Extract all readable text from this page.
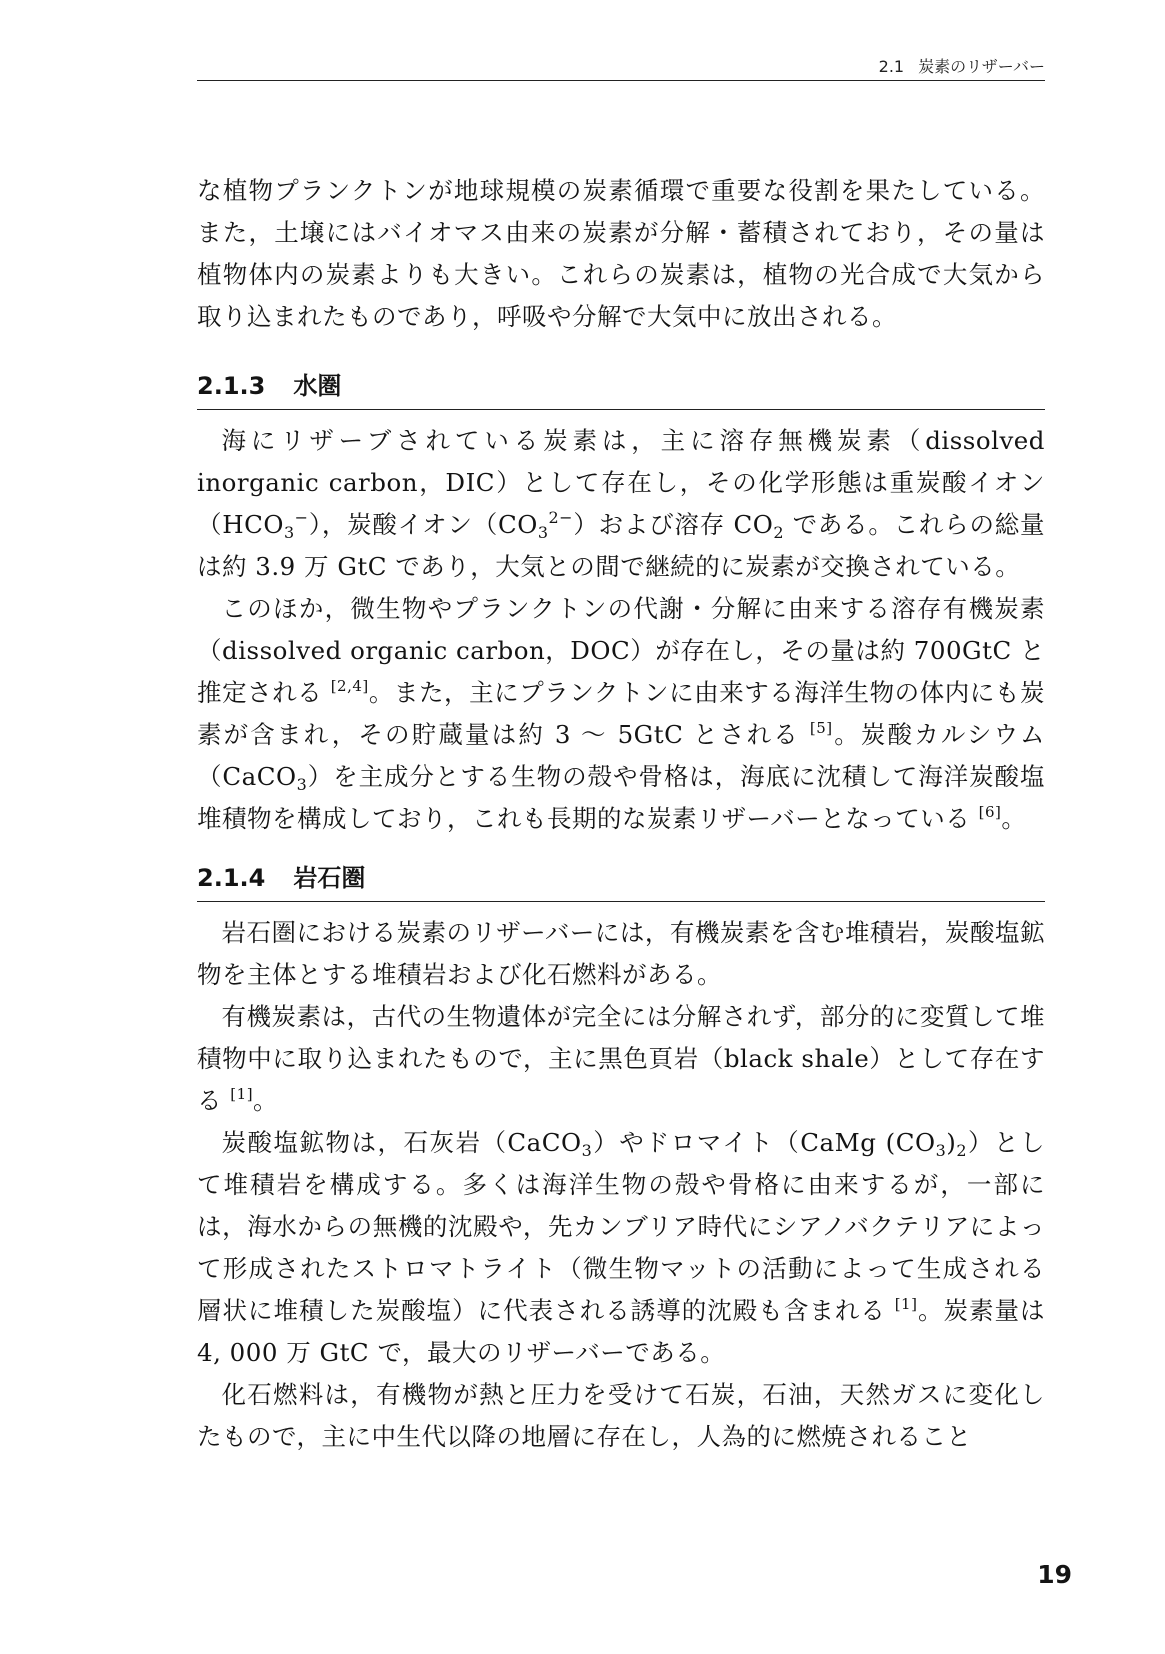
2.1 炭素のリザーバー

な植物プランクトンが地球規模の炭素循環で重要な役割を果たしている。また，土壌にはバイオマス由来の炭素が分解・蓄積されており，その量は植物体内の炭素よりも大きい。これらの炭素は，植物の光合成で大気から取り込まれたものであり，呼吸や分解で大気中に放出される。

2.1.3 水圏

海にリザーブされている炭素は，主に溶存無機炭素（dissolved inorganic carbon，DIC）として存在し，その化学形態は重炭酸イオン$(HCO_3^-)$，炭酸イオン$(CO_3^{2-})$および溶存 $CO_2$ である。これらの総量は約 3.9 万 GtC であり，大気との間で継続的に炭素が交換されている。

このほか，微生物やプランクトンの代謝・分解に由来する溶存有機炭素（dissolved organic carbon，DOC）が存在し，その量は約 700GtC と推定される [2,4]。また，主にプランクトンに由来する海洋生物の体内にも炭素が含まれ，その貯蔵量は約 3 ～ 5GtC とされる [5]。炭酸カルシウム（CaCO$_3$）を主成分とする生物の殻や骨格は，海底に沈積して海洋炭酸塩堆積物を構成しており，これも長期的な炭素リザーバーとなっている [6]。

2.1.4 岩石圏

岩石圏における炭素のリザーバーには，有機炭素を含む堆積岩，炭酸塩鉱物を主体とする堆積岩および化石燃料がある。

有機炭素は，古代の生物遺体が完全には分解されず，部分的に変質して堆積物中に取り込まれたもので，主に黒色頁岩（black shale）として存在する [1]。

炭酸塩鉱物は，石灰岩（CaCO$_3$）やドロマイト（CaMg $(CO_3)_2$）として堆積岩を構成する。多くは海洋生物の殻や骨格に由来するが，一部には，海水からの無機的沈殿や，先カンブリア時代にシアノバクテリアによって形成されたストロマトライト（微生物マットの活動によって生成される層状に堆積した炭酸塩）に代表される誘導的沈殿も含まれる [1]。炭素量は 4, 000 万 GtC で，最大のリザーバーである。

化石燃料は，有機物が熱と圧力を受けて石炭，石油，天然ガスに変化したもので，主に中生代以降の地層に存在し，人為的に燃焼されること

19
